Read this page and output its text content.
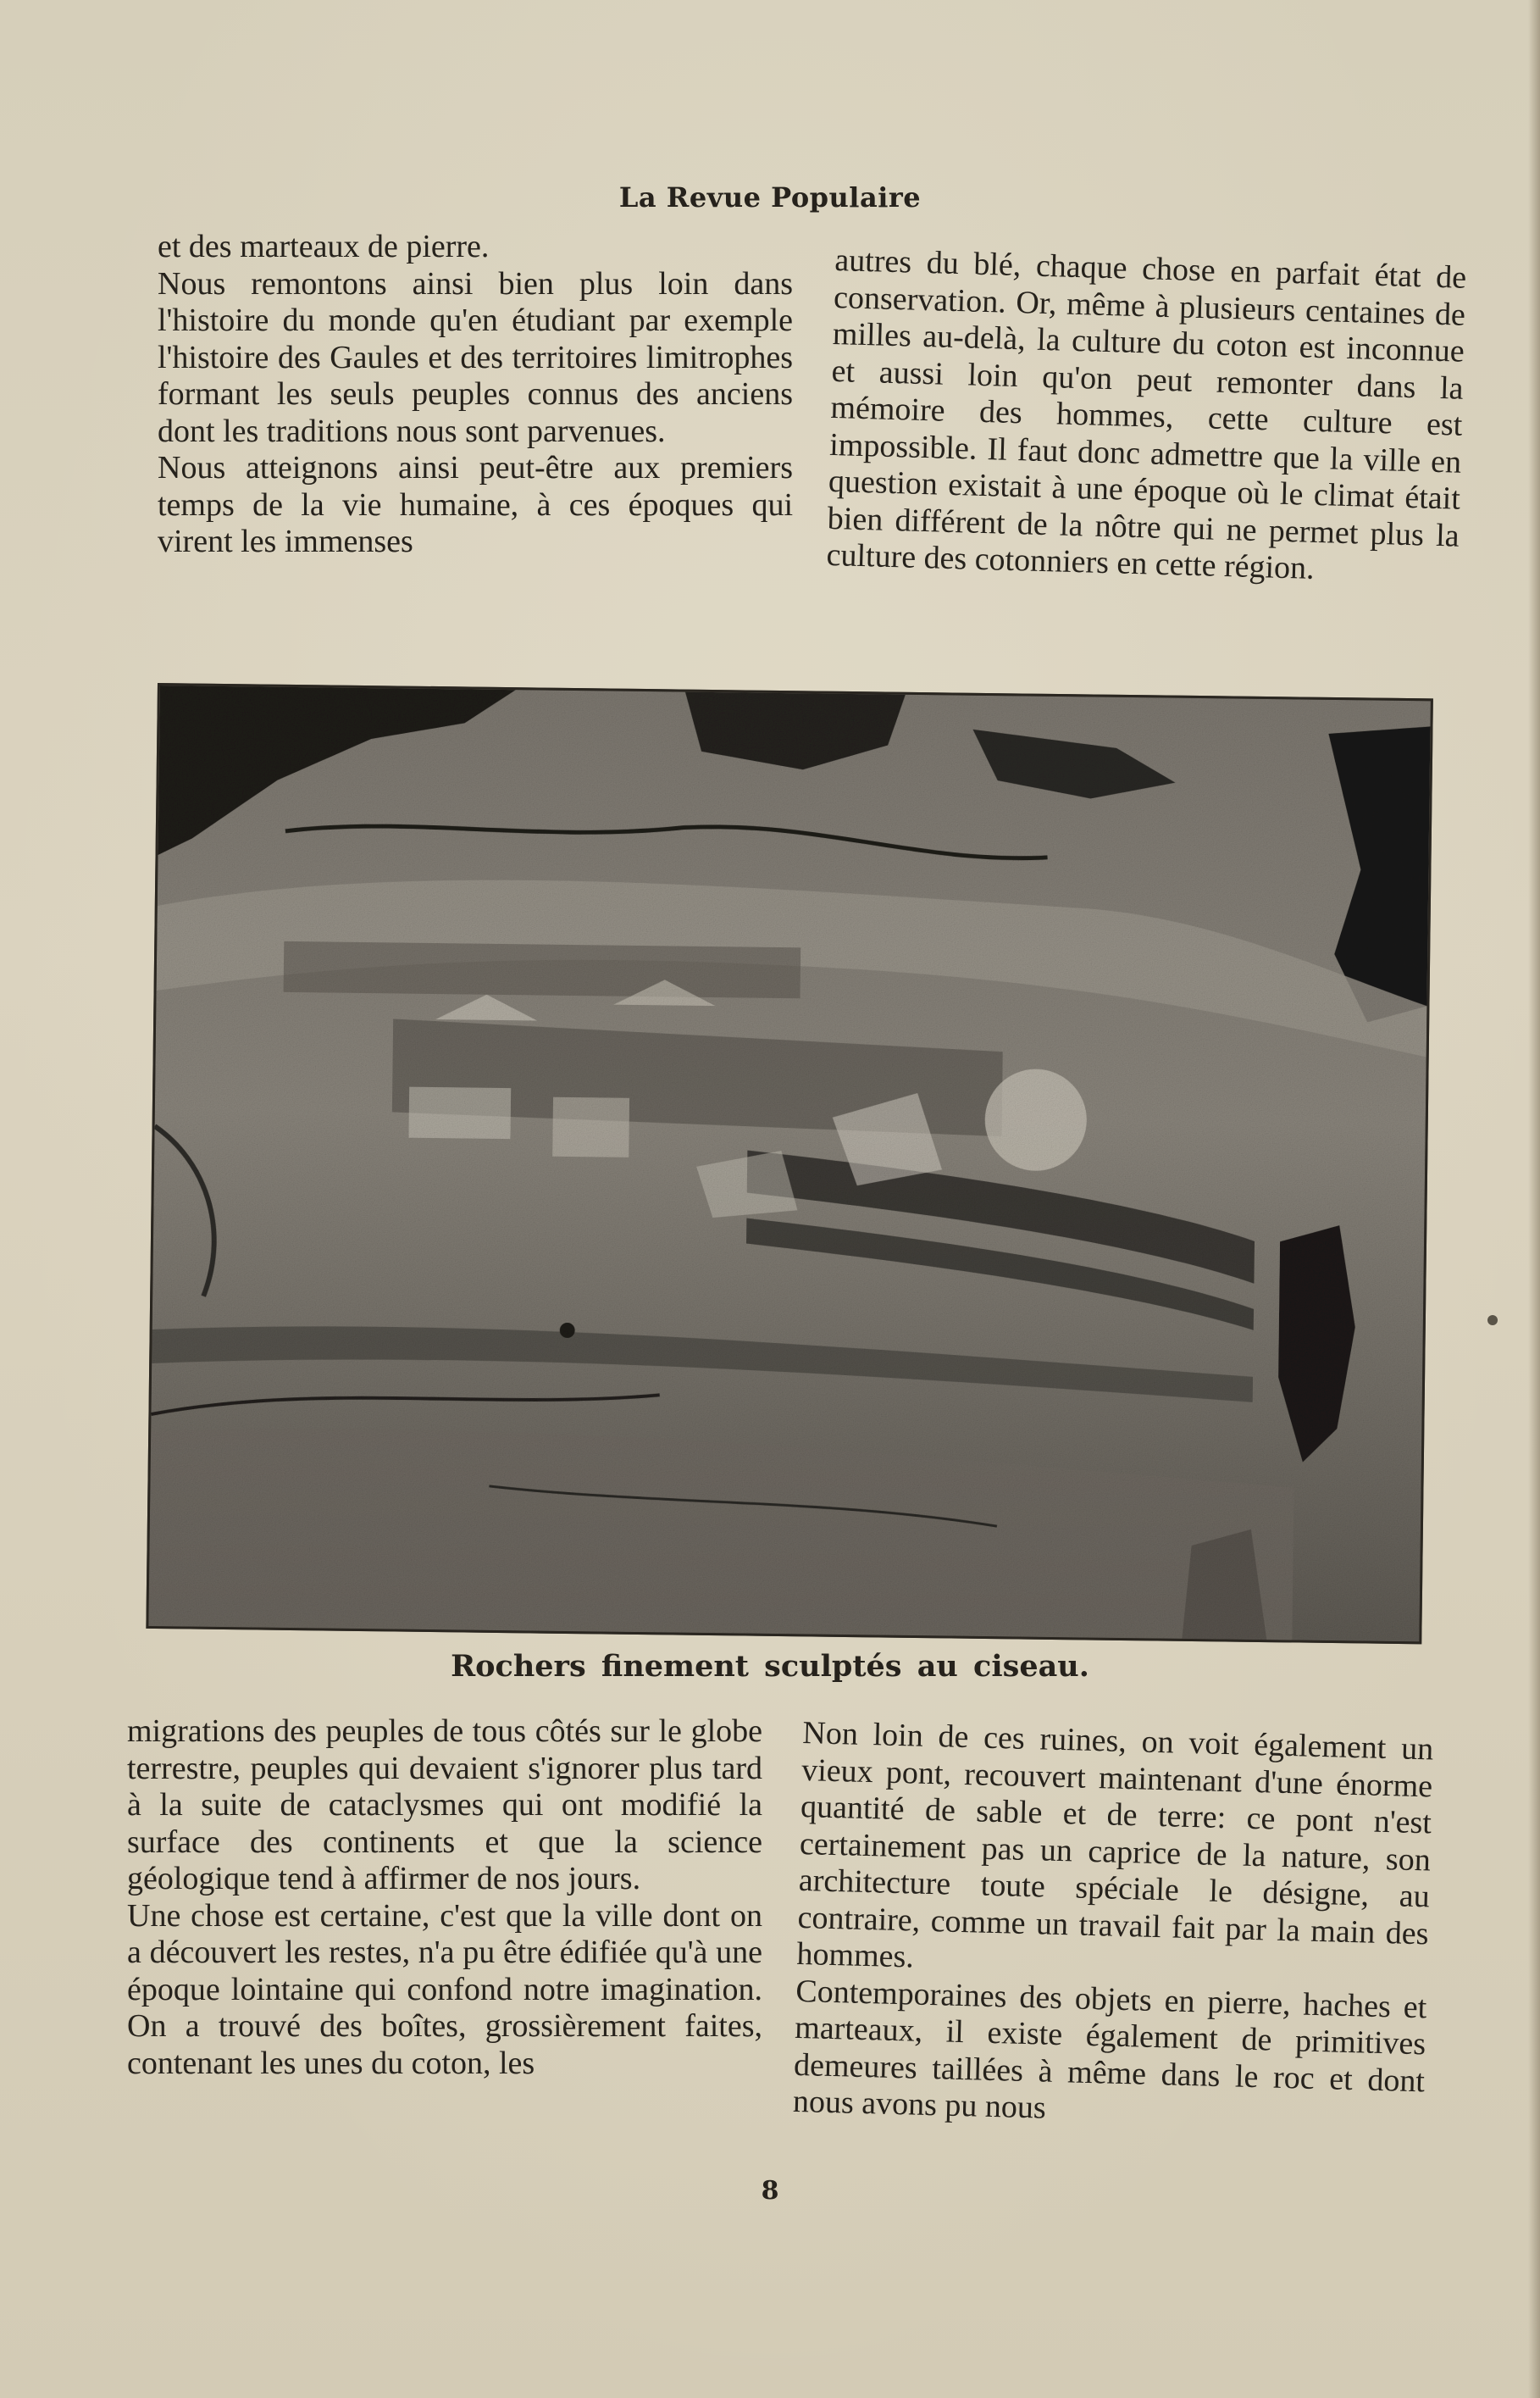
La Revue Populaire
et des marteaux de pierre.
Nous remontons ainsi bien plus loin dans l'histoire du monde qu'en étudiant par exemple l'histoire des Gaules et des territoires limitrophes formant les seuls peuples connus des anciens dont les traditions nous sont parvenues.
Nous atteignons ainsi peut-être aux premiers temps de la vie humaine, à ces époques qui virent les immenses
autres du blé, chaque chose en parfait état de conservation. Or, même à plusieurs centaines de milles au-delà, la culture du coton est inconnue et aussi loin qu'on peut remonter dans la mémoire des hommes, cette culture est impossible. Il faut donc admettre que la ville en question existait à une époque où le climat était bien différent de la nôtre qui ne permet plus la culture des cotonniers en cette région.
Rochers finement sculptés au ciseau.
migrations des peuples de tous côtés sur le globe terrestre, peuples qui devaient s'ignorer plus tard à la suite de cataclysmes qui ont modifié la surface des continents et que la science géologique tend à affirmer de nos jours.
Une chose est certaine, c'est que la ville dont on a découvert les restes, n'a pu être édifiée qu'à une époque lointaine qui confond notre imagination. On a trouvé des boîtes, grossièrement faites, contenant les unes du coton, les
Non loin de ces ruines, on voit également un vieux pont, recouvert maintenant d'une énorme quantité de sable et de terre: ce pont n'est certainement pas un caprice de la nature, son architecture toute spéciale le désigne, au contraire, comme un travail fait par la main des hommes.
Contemporaines des objets en pierre, haches et marteaux, il existe également de primitives demeures taillées à même dans le roc et dont nous avons pu nous
8
